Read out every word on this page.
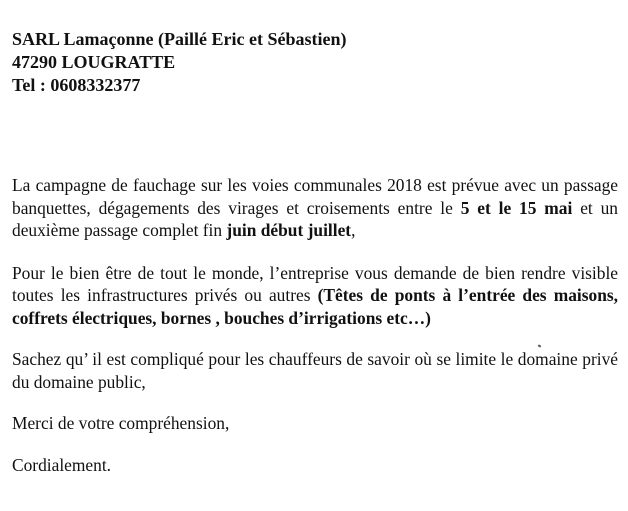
SARL Lamaçonne (Paillé Eric et Sébastien)
47290 LOUGRATTE
Tel : 0608332377

La campagne de fauchage sur les voies communales 2018 est prévue avec un passage banquettes, dégagements des virages et croisements entre le 5 et le 15 mai et un deuxième passage complet fin juin début juillet,

Pour le bien être de tout le monde, l’entreprise vous demande de bien rendre visible toutes les infrastructures privés ou autres (Têtes de ponts à l’entrée des maisons, coffrets électriques, bornes , bouches d’irrigations etc…)

Sachez qu’ il est compliqué pour les chauffeurs de savoir où se limite le domaine privé du domaine public,

Merci de votre compréhension,

Cordialement.
